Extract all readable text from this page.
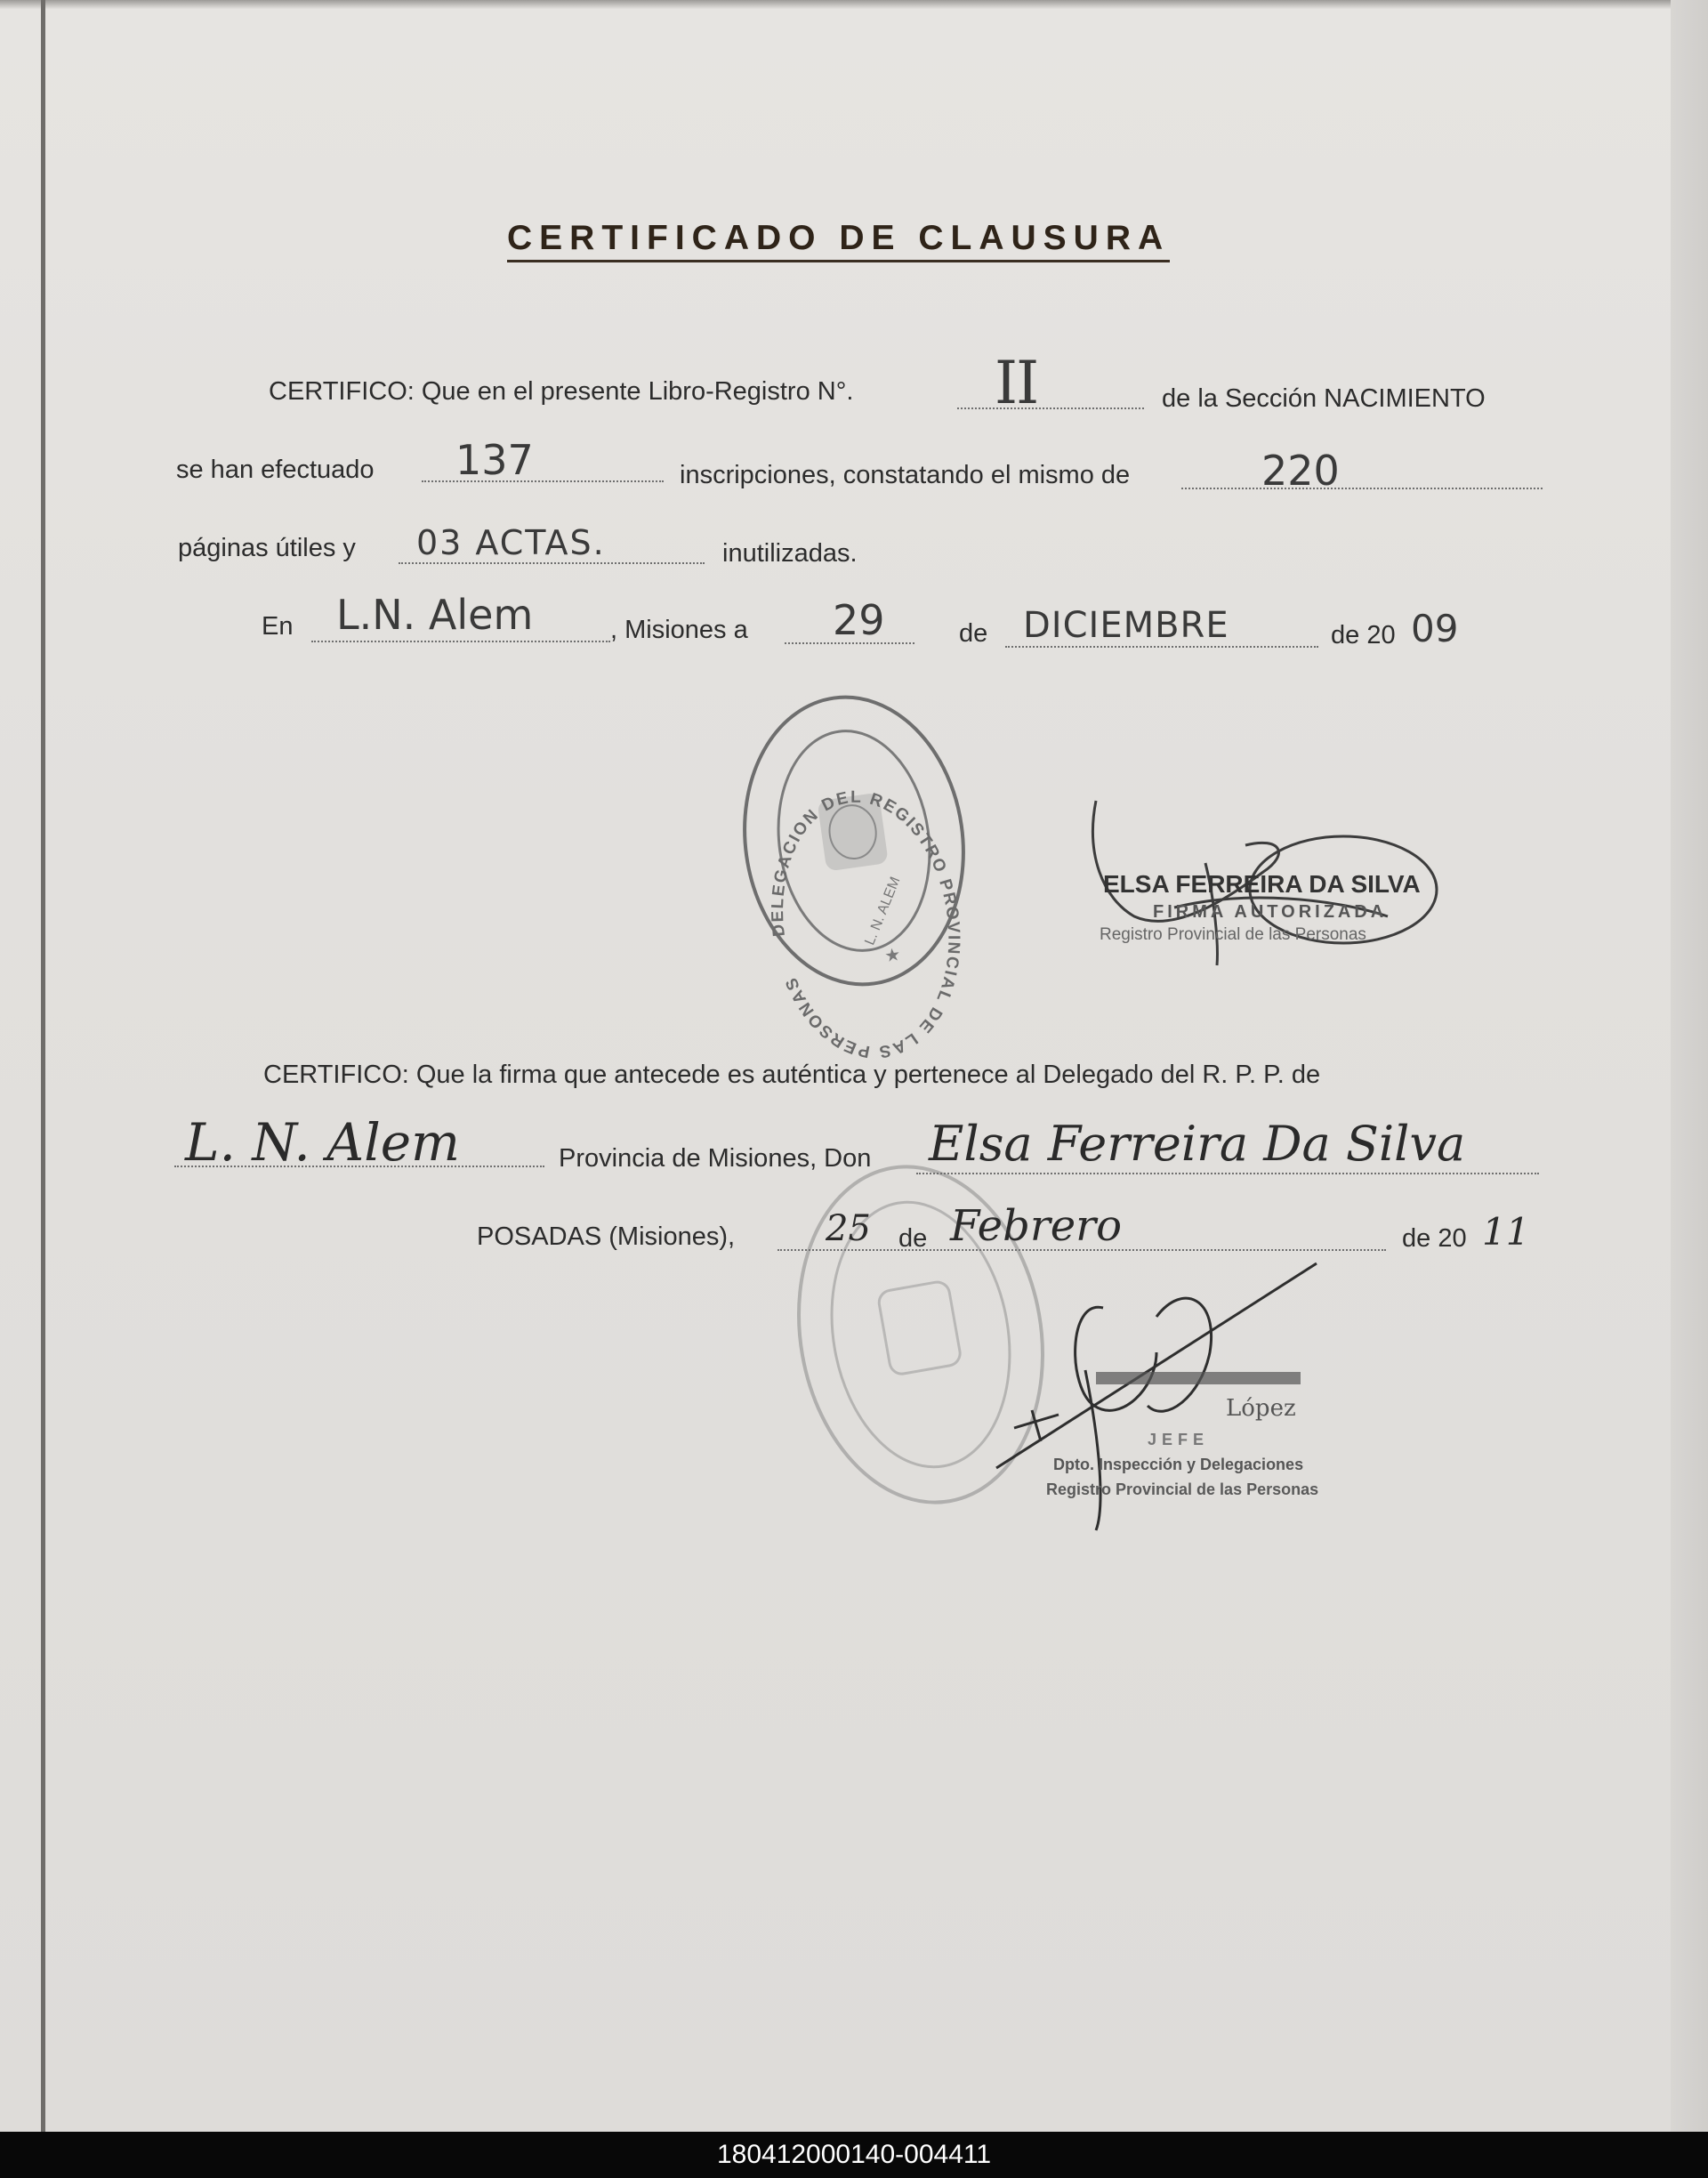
CERTIFICADO DE CLAUSURA
CERTIFICO: Que en el presente Libro-Registro N°. II	de la Sección NACIMIENTO
se han efectuado 137	inscripciones, constatando el mismo de	220
páginas útiles y 03 ACTAS.	inutilizadas.
En L.N. Alem	, Misiones a 29	de DICIEMBRE	de 20 09
★
DELEGACION DEL REGISTRO PROVINCIAL DE LAS PERSONAS
L. N. ALEM	ELSA FERREIRA DA SILVA
FIRMA AUTORIZADA
Registro Provincial de las Personas
CERTIFICO: Que la firma que antecede es auténtica y pertenece al Delegado del R. P. P. de
L. N. Alem	Provincia de Misiones, Don Elsa Ferreira Da Silva
POSADAS (Misiones),	25 de Febrero	de 20 11
López
JEFE
Dpto. Inspección y Delegaciones
Registro Provincial de las Personas
180412000140-004411
